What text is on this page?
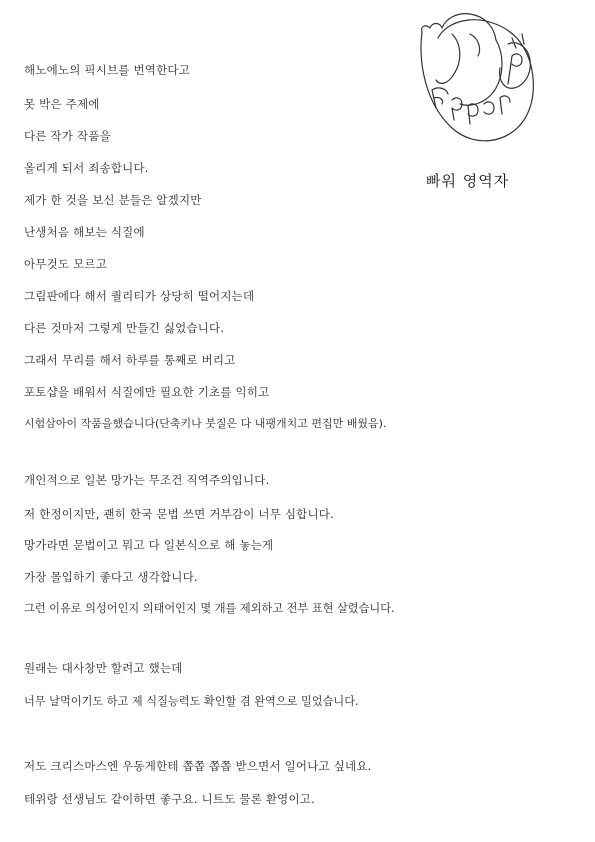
빠워 영역자
해노에노의 픽시브를 번역한다고
못 박은 주제에
다른 작가 작품을
올리게 되서 죄송합니다.
제가 한 것을 보신 분들은 알겠지만
난생처음 해보는 식질에
아무것도 모르고
그림판에다 해서 퀄리티가 상당히 떨어지는데
다른 것마저 그렇게 만들긴 싫었습니다.
그래서 무리를 해서 하루를 통째로 버리고
포토샵을 배워서 식질에만 필요한 기초를 익히고
시험삼아이 작품을했습니다(단축키나 붓질은 다 내팽개치고 편집만 배웠음).
개인적으로 일본 망가는 무조건 직역주의입니다.
저 한정이지만, 괜히 한국 문법 쓰면 거부감이 너무 심합니다.
망가라면 문법이고 뭐고 다 일본식으로 해 놓는게
가장 몰입하기 좋다고 생각합니다.
그런 이유로 의성어인지 의태어인지 몇 개를 제외하고 전부 표현 살렸습니다.
원래는 대사창만 할려고 했는데
너무 날먹이기도 하고 제 식질능력도 확인할 겸 완역으로 밀었습니다.
저도 크리스마스엔 우동게한테 쫍쫍 쫍쫍 받으면서 일어나고 싶네요.
테위랑 선생님도 같이하면 좋구요. 니트도 물론 환영이고.
